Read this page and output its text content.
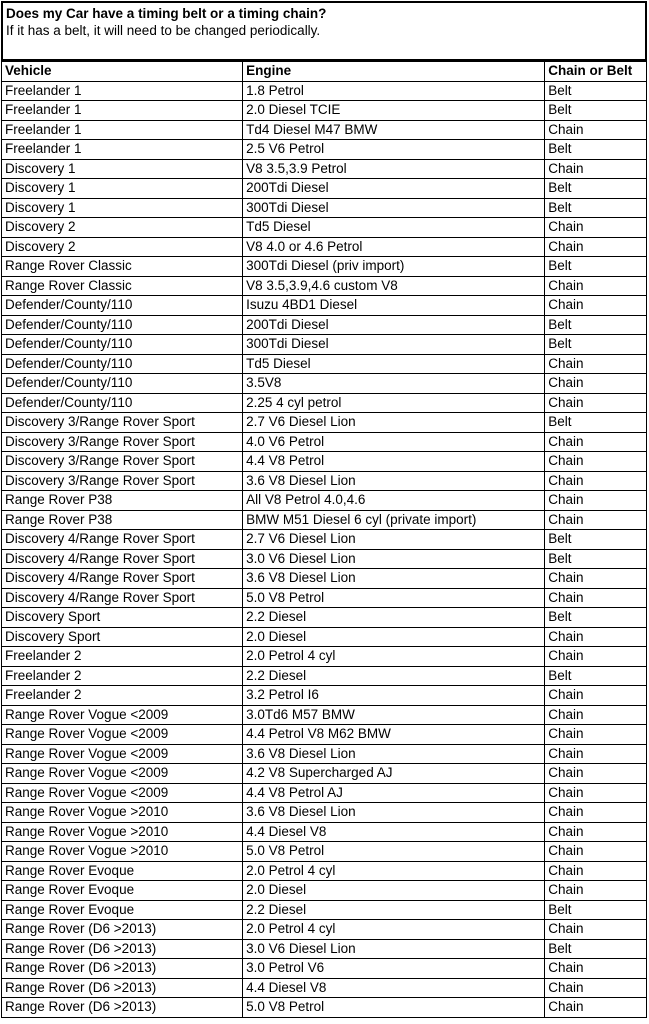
Does my Car have a timing belt or a timing chain?
If it has a belt, it will need to be changed periodically.
Vehicle	Engine	Chain or Belt
Freelander 1	1.8 Petrol	Belt
Freelander 1	2.0 Diesel TCIE	Belt
Freelander 1	Td4 Diesel M47 BMW	Chain
Freelander 1	2.5 V6 Petrol	Belt
Discovery 1	V8 3.5,3.9 Petrol	Chain
Discovery 1	200Tdi Diesel	Belt
Discovery 1	300Tdi Diesel	Belt
Discovery 2	Td5 Diesel	Chain
Discovery 2	V8 4.0 or 4.6 Petrol	Chain
Range Rover Classic	300Tdi Diesel (priv import)	Belt
Range Rover Classic	V8 3.5,3.9,4.6 custom V8	Chain
Defender/County/110	Isuzu 4BD1 Diesel	Chain
Defender/County/110	200Tdi Diesel	Belt
Defender/County/110	300Tdi Diesel	Belt
Defender/County/110	Td5 Diesel	Chain
Defender/County/110	3.5V8	Chain
Defender/County/110	2.25 4 cyl petrol	Chain
Discovery 3/Range Rover Sport	2.7 V6 Diesel Lion	Belt
Discovery 3/Range Rover Sport	4.0 V6 Petrol	Chain
Discovery 3/Range Rover Sport	4.4 V8 Petrol	Chain
Discovery 3/Range Rover Sport	3.6 V8 Diesel Lion	Chain
Range Rover P38	All V8 Petrol 4.0,4.6	Chain
Range Rover P38	BMW M51 Diesel 6 cyl (private import)	Chain
Discovery 4/Range Rover Sport	2.7 V6 Diesel Lion	Belt
Discovery 4/Range Rover Sport	3.0 V6 Diesel Lion	Belt
Discovery 4/Range Rover Sport	3.6 V8 Diesel Lion	Chain
Discovery 4/Range Rover Sport	5.0 V8 Petrol	Chain
Discovery Sport	2.2 Diesel	Belt
Discovery Sport	2.0 Diesel	Chain
Freelander 2	2.0 Petrol 4 cyl	Chain
Freelander 2	2.2 Diesel	Belt
Freelander 2	3.2 Petrol I6	Chain
Range Rover Vogue <2009	3.0Td6 M57 BMW	Chain
Range Rover Vogue <2009	4.4 Petrol V8 M62 BMW	Chain
Range Rover Vogue <2009	3.6 V8 Diesel Lion	Chain
Range Rover Vogue <2009	4.2 V8 Supercharged AJ	Chain
Range Rover Vogue <2009	4.4 V8 Petrol AJ	Chain
Range Rover Vogue >2010	3.6 V8 Diesel Lion	Chain
Range Rover Vogue >2010	4.4 Diesel V8	Chain
Range Rover Vogue >2010	5.0 V8 Petrol	Chain
Range Rover Evoque	2.0 Petrol 4 cyl	Chain
Range Rover Evoque	2.0 Diesel	Chain
Range Rover Evoque	2.2 Diesel	Belt
Range Rover (D6 >2013)	2.0 Petrol 4 cyl	Chain
Range Rover (D6 >2013)	3.0 V6 Diesel Lion	Belt
Range Rover (D6 >2013)	3.0 Petrol V6	Chain
Range Rover (D6 >2013)	4.4 Diesel V8	Chain
Range Rover (D6 >2013)	5.0 V8 Petrol	Chain
